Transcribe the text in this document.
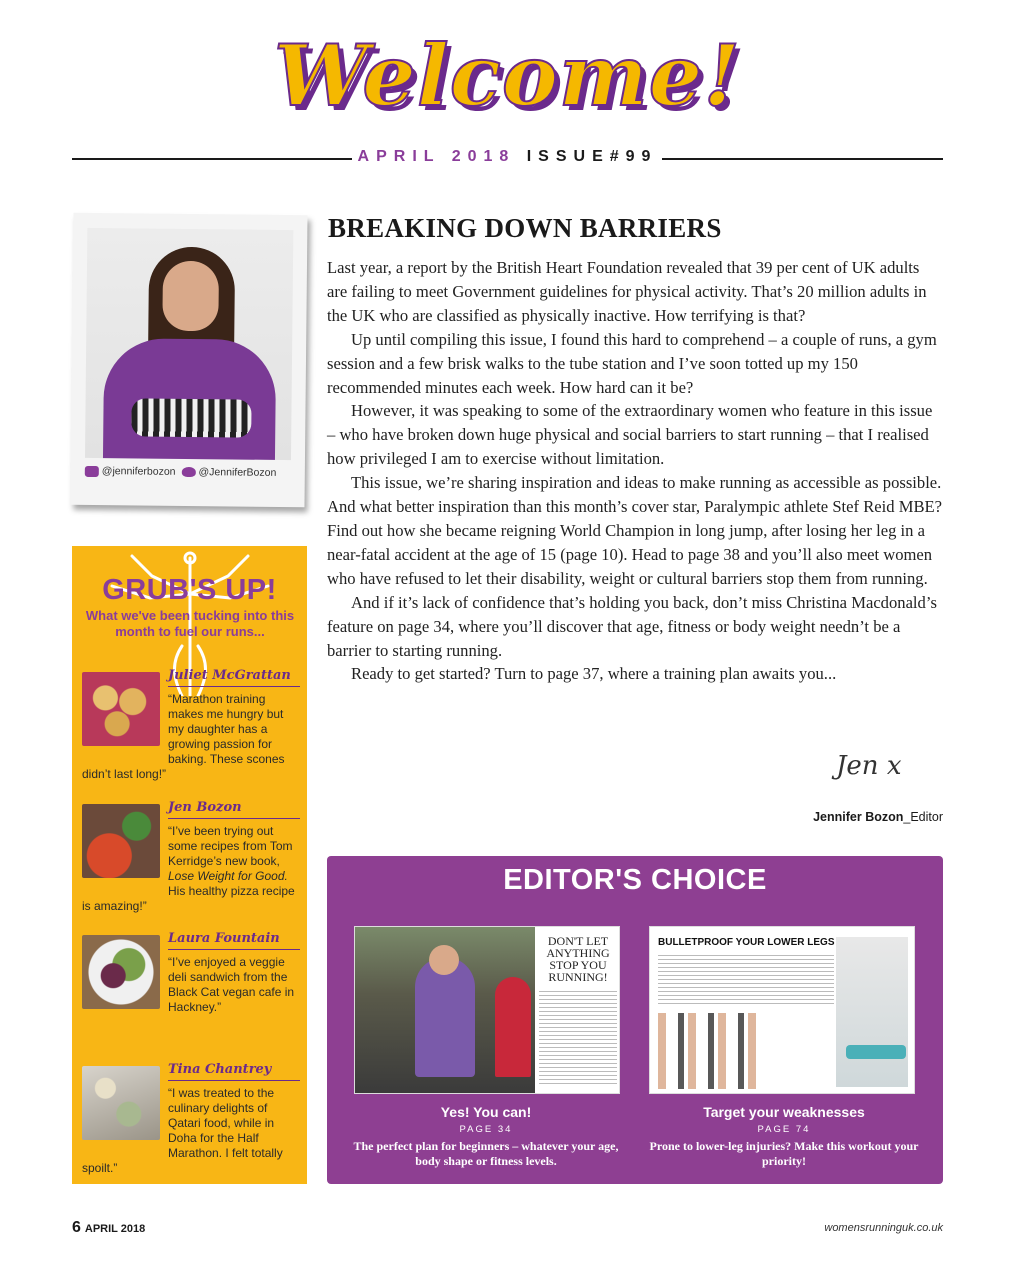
Welcome!
APRIL 2018 ISSUE#99
@jenniferbozon	@JenniferBozon
GRUB'S UP!
What we've been tucking into this month to fuel our runs...
Juliet McGrattan
“Marathon training makes me hungry but my daughter has a growing passion for baking. These scones didn’t last long!”
Jen Bozon
“I’ve been trying out some recipes from Tom Kerridge’s new book, Lose Weight for Good. His healthy pizza recipe is amazing!”
Laura Fountain
“I’ve enjoyed a veggie deli sandwich from the Black Cat vegan cafe in Hackney.”
Tina Chantrey
“I was treated to the culinary delights of Qatari food, while in Doha for the Half Marathon. I felt totally spoilt.”
BREAKING DOWN BARRIERS

Last year, a report by the British Heart Foundation revealed that 39 per cent of UK adults are failing to meet Government guidelines for physical activity. That’s 20 million adults in the UK who are classified as physically inactive. How terrifying is that?

Up until compiling this issue, I found this hard to comprehend – a couple of runs, a gym session and a few brisk walks to the tube station and I’ve soon totted up my 150 recommended minutes each week. How hard can it be?

However, it was speaking to some of the extraordinary women who feature in this issue – who have broken down huge physical and social barriers to start running – that I realised how privileged I am to exercise without limitation.

This issue, we’re sharing inspiration and ideas to make running as accessible as possible. And what better inspiration than this month’s cover star, Paralympic athlete Stef Reid MBE? Find out how she became reigning World Champion in long jump, after losing her leg in a near-fatal accident at the age of 15 (page 10). Head to page 38 and you’ll also meet women who have refused to let their disability, weight or cultural barriers stop them from running.

And if it’s lack of confidence that’s holding you back, don’t miss Christina Macdonald’s feature on page 34, where you’ll discover that age, fitness or body weight needn’t be a barrier to starting running.

Ready to get started? Turn to page 37, where a training plan awaits you...

Jen x
Jennifer Bozon_Editor
EDITOR'S CHOICE
DON'T LET ANYTHING STOP YOU RUNNING!
BULLETPROOF YOUR LOWER LEGS
Yes! You can!
PAGE 34
The perfect plan for beginners – whatever your age, body shape or fitness levels.
Target your weaknesses
PAGE 74
Prone to lower-leg injuries? Make this workout your priority!
6 APRIL 2018	womensrunninguk.co.uk
